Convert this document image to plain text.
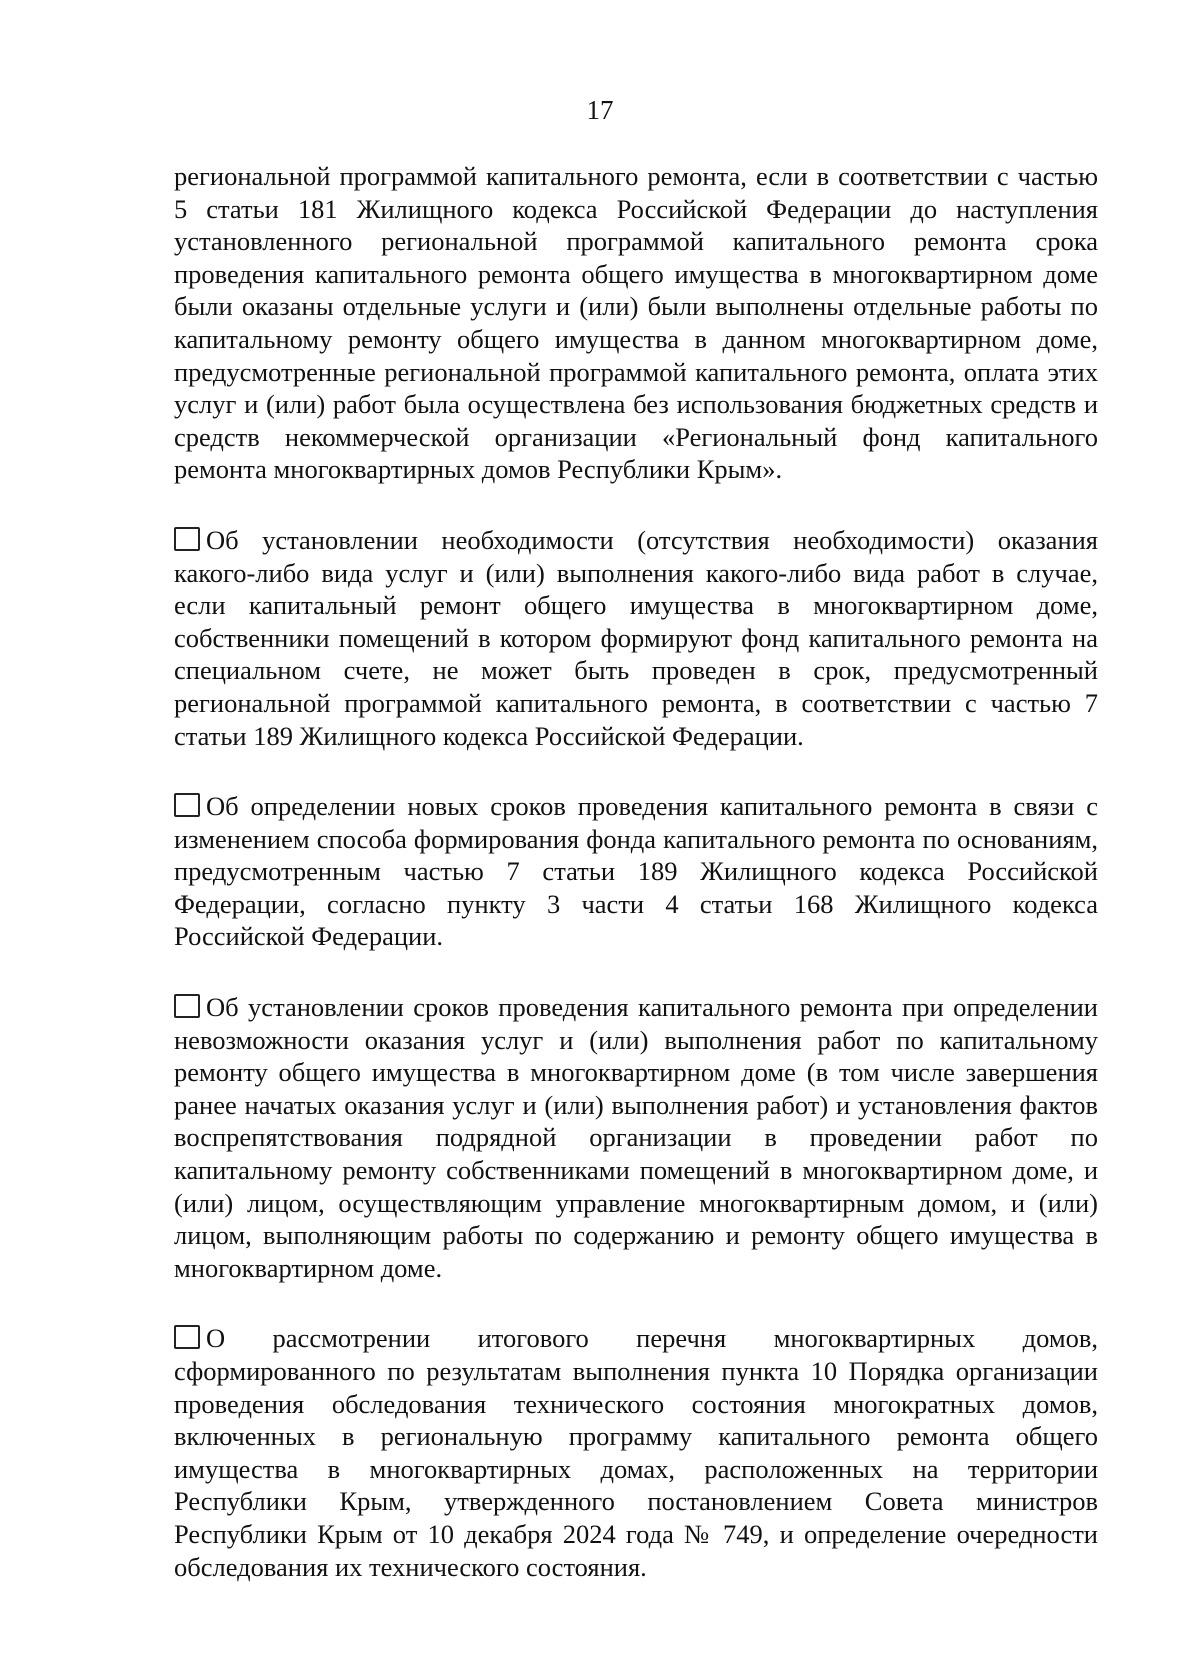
17

региональной программой капитального ремонта, если в соответствии с частью 5 статьи 181 Жилищного кодекса Российской Федерации до наступления установленного региональной программой капитального ремонта срока проведения капитального ремонта общего имущества в многоквартирном доме были оказаны отдельные услуги и (или) были выполнены отдельные работы по капитальному ремонту общего имущества в данном многоквартирном доме, предусмотренные региональной программой капитального ремонта, оплата этих услуг и (или) работ была осуществлена без использования бюджетных средств и средств некоммерческой организации «Региональный фонд капитального ремонта многоквартирных домов Республики Крым».

Об установлении необходимости (отсутствия необходимости) оказания какого-либо вида услуг и (или) выполнения какого-либо вида работ в случае, если капитальный ремонт общего имущества в многоквартирном доме, собственники помещений в котором формируют фонд капитального ремонта на специальном счете, не может быть проведен в срок, предусмотренный региональной программой капитального ремонта, в соответствии с частью 7 статьи 189 Жилищного кодекса Российской Федерации.

Об определении новых сроков проведения капитального ремонта в связи с изменением способа формирования фонда капитального ремонта по основаниям, предусмотренным частью 7 статьи 189 Жилищного кодекса Российской Федерации, согласно пункту 3 части 4 статьи 168 Жилищного кодекса Российской Федерации.

Об установлении сроков проведения капитального ремонта при определении невозможности оказания услуг и (или) выполнения работ по капитальному ремонту общего имущества в многоквартирном доме (в том числе завершения ранее начатых оказания услуг и (или) выполнения работ) и установления фактов воспрепятствования подрядной организации в проведении работ по капитальному ремонту собственниками помещений в многоквартирном доме, и (или) лицом, осуществляющим управление многоквартирным домом, и (или) лицом, выполняющим работы по содержанию и ремонту общего имущества в многоквартирном доме.

О рассмотрении итогового перечня многоквартирных домов, сформированного по результатам выполнения пункта 10 Порядка организации проведения обследования технического состояния многократных домов, включенных в региональную программу капитального ремонта общего имущества в многоквартирных домах, расположенных на территории Республики Крым, утвержденного постановлением Совета министров Республики Крым от 10 декабря 2024 года № 749, и определение очередности обследования их технического состояния.
